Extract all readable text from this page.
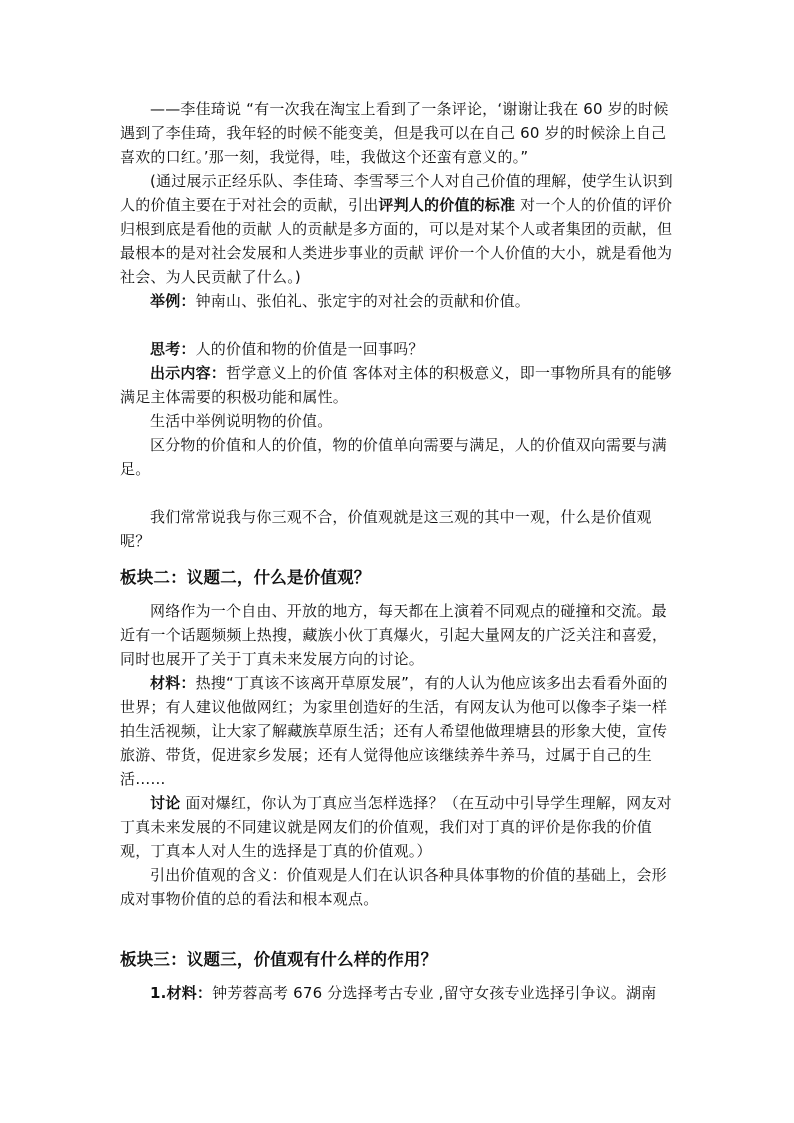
——李佳琦说 “有一次我在淘宝上看到了一条评论，‘谢谢让我在 60 岁的时候遇到了李佳琦，我年轻的时候不能变美，但是我可以在自己 60 岁的时候涂上自己喜欢的口红。’那一刻，我觉得，哇，我做这个还蛮有意义的。”

(通过展示正经乐队、李佳琦、李雪琴三个人对自己价值的理解，使学生认识到人的价值主要在于对社会的贡献，引出评判人的价值的标准 对一个人的价值的评价归根到底是看他的贡献 人的贡献是多方面的，可以是对某个人或者集团的贡献，但最根本的是对社会发展和人类进步事业的贡献 评价一个人价值的大小，就是看他为社会、为人民贡献了什么。)

举例：钟南山、张伯礼、张定宇的对社会的贡献和价值。

思考：人的价值和物的价值是一回事吗？

出示内容：哲学意义上的价值 客体对主体的积极意义，即一事物所具有的能够满足主体需要的积极功能和属性。

生活中举例说明物的价值。

区分物的价值和人的价值，物的价值单向需要与满足，人的价值双向需要与满足。

我们常常说我与你三观不合，价值观就是这三观的其中一观，什么是价值观呢？

板块二：议题二，什么是价值观？

网络作为一个自由、开放的地方，每天都在上演着不同观点的碰撞和交流。最近有一个话题频频上热搜，藏族小伙丁真爆火，引起大量网友的广泛关注和喜爱，同时也展开了关于丁真未来发展方向的讨论。

材料：热搜“丁真该不该离开草原发展”，有的人认为他应该多出去看看外面的世界；有人建议他做网红；为家里创造好的生活，有网友认为他可以像李子柒一样拍生活视频，让大家了解藏族草原生活；还有人希望他做理塘县的形象大使，宣传旅游、带货，促进家乡发展；还有人觉得他应该继续养牛养马，过属于自己的生活……

讨论 面对爆红，你认为丁真应当怎样选择？（在互动中引导学生理解，网友对丁真未来发展的不同建议就是网友们的价值观，我们对丁真的评价是你我的价值观，丁真本人对人生的选择是丁真的价值观。）

引出价值观的含义：价值观是人们在认识各种具体事物的价值的基础上，会形成对事物价值的总的看法和根本观点。

板块三：议题三，价值观有什么样的作用？

1.材料：钟芳蓉高考 676 分选择考古专业 ,留守女孩专业选择引争议。湖南
